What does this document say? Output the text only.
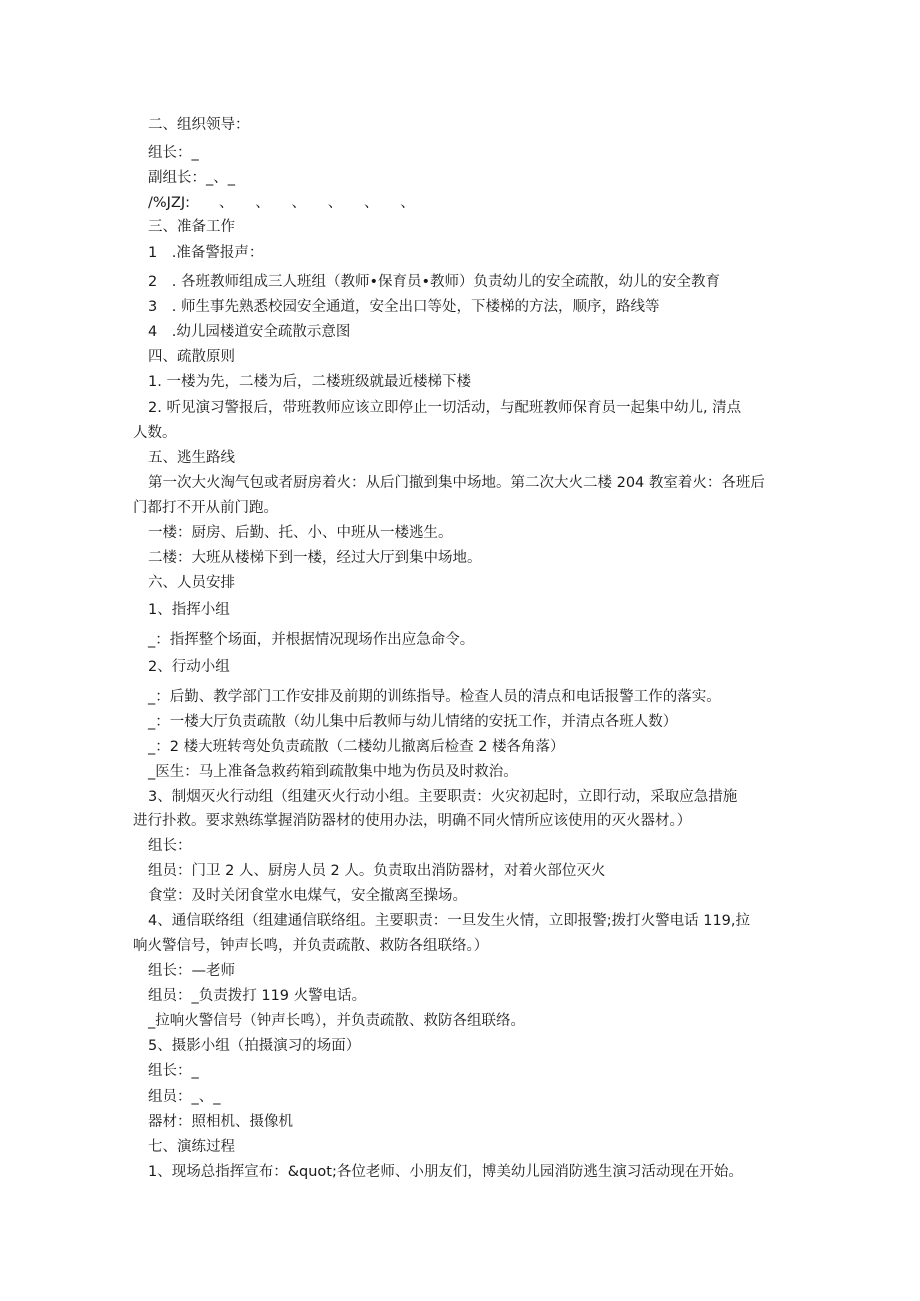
二、组织领导：

组长：_

副组长：_、_

/%JZJ:　　、　　、　　、　　、　　、　　、

三、准备工作

1　.准备警报声：

2　. 各班教师组成三人班组（教师•保育员•教师）负责幼儿的安全疏散，幼儿的安全教育

3　. 师生事先熟悉校园安全通道，安全出口等处，下楼梯的方法，顺序，路线等

4　.幼儿园楼道安全疏散示意图

四、疏散原则

1. 一楼为先，二楼为后，二楼班级就最近楼梯下楼

2. 听见演习警报后，带班教师应该立即停止一切活动，与配班教师保育员一起集中幼儿, 清点

人数。

五、逃生路线

第一次大火淘气包或者厨房着火：从后门撤到集中场地。第二次大火二楼 204 教室着火：各班后

门都打不开从前门跑。

一楼：厨房、后勤、托、小、中班从一楼逃生。

二楼：大班从楼梯下到一楼，经过大厅到集中场地。

六、人员安排

1、指挥小组

_：指挥整个场面，并根据情况现场作出应急命令。

2、行动小组

_：后勤、教学部门工作安排及前期的训练指导。检查人员的清点和电话报警工作的落实。

_：一楼大厅负责疏散（幼儿集中后教师与幼儿情绪的安抚工作，并清点各班人数）

_：2 楼大班转弯处负责疏散（二楼幼儿撤离后检查 2 楼各角落）

_医生：马上准备急救药箱到疏散集中地为伤员及时救治。

3、制烟灭火行动组（组建灭火行动小组。主要职责：火灾初起时，立即行动，采取应急措施

进行扑救。要求熟练掌握消防器材的使用办法，明确不同火情所应该使用的灭火器材。）

组长：

组员：门卫 2 人、厨房人员 2 人。负责取出消防器材，对着火部位灭火

食堂：及时关闭食堂水电煤气，安全撤离至操场。

4、通信联络组（组建通信联络组。主要职责：一旦发生火情，立即报警;拨打火警电话 119,拉

响火警信号，钟声长鸣，并负责疏散、救防各组联络。）

组长：—老师

组员：_负责拨打 119 火警电话。

_拉响火警信号（钟声长鸣），并负责疏散、救防各组联络。

5、摄影小组（拍摄演习的场面）

组长：_

组员：_、_

器材：照相机、摄像机

七、演练过程

1、现场总指挥宣布：&quot;各位老师、小朋友们，博美幼儿园消防逃生演习活动现在开始。
